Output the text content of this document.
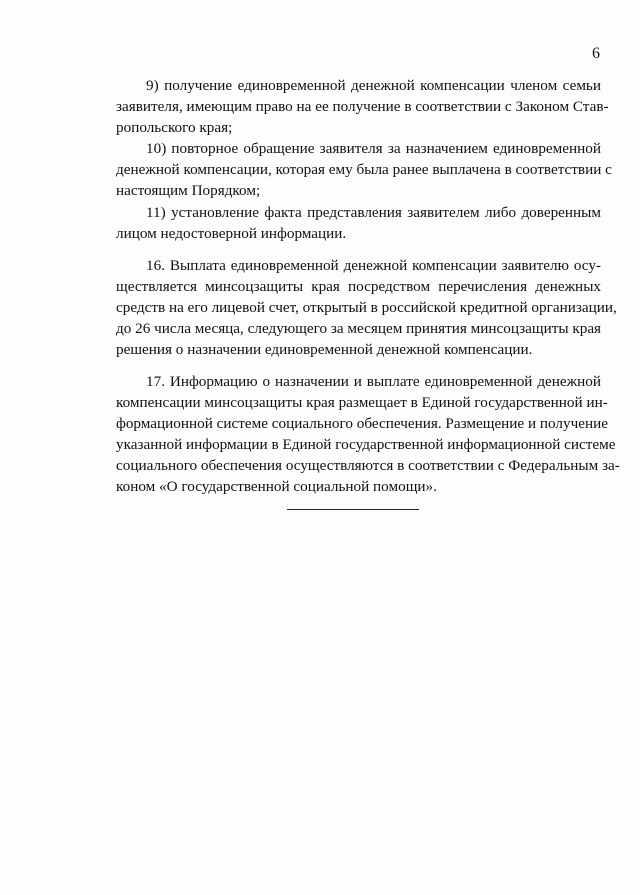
6
9) получение единовременной денежной компенсации членом семьи
заявителя, имеющим право на ее получение в соответствии с Законом Став-
ропольского края;
10) повторное обращение заявителя за назначением единовременной
денежной компенсации, которая ему была ранее выплачена в соответствии с
настоящим Порядком;
11) установление факта представления заявителем либо доверенным
лицом недостоверной информации.
16. Выплата единовременной денежной компенсации заявителю осу-
ществляется минсоцзащиты края посредством перечисления денежных
средств на его лицевой счет, открытый в российской кредитной организации,
до 26 числа месяца, следующего за месяцем принятия минсоцзащиты края
решения о назначении единовременной денежной компенсации.
17. Информацию о назначении и выплате единовременной денежной
компенсации минсоцзащиты края размещает в Единой государственной ин-
формационной системе социального обеспечения. Размещение и получение
указанной информации в Единой государственной информационной системе
социального обеспечения осуществляются в соответствии с Федеральным за-
коном «О государственной социальной помощи».
